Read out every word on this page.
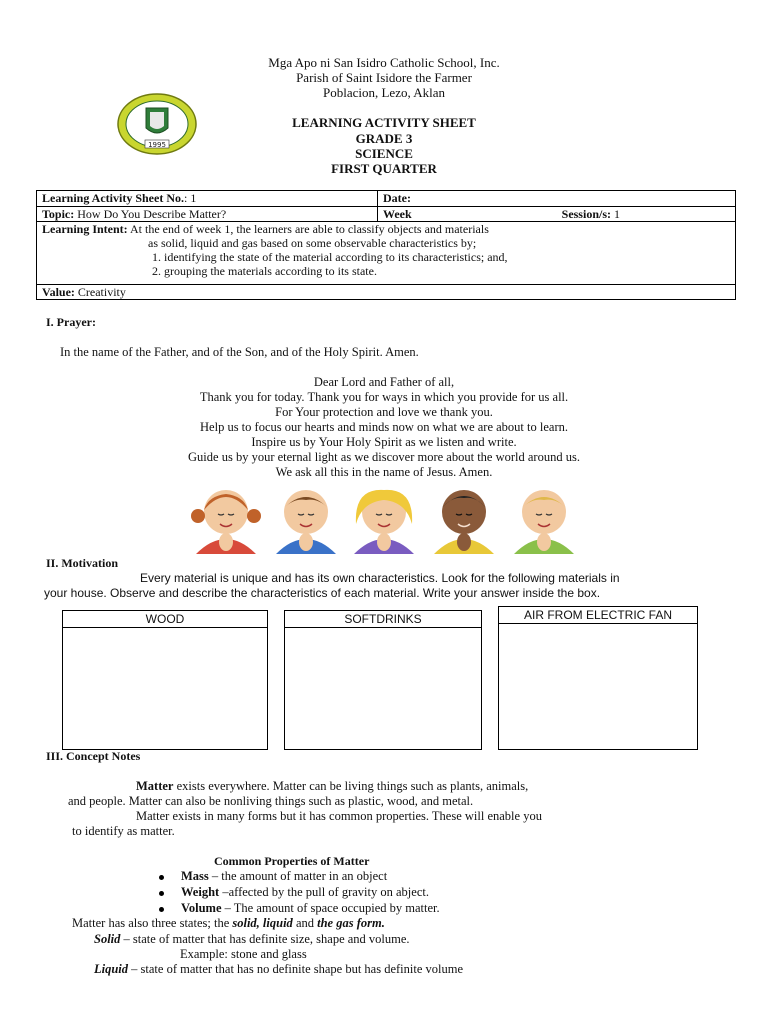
Mga Apo ni San Isidro Catholic School, Inc.
Parish of Saint Isidore the Farmer
Poblacion, Lezo, Aklan
1995
LEARNING ACTIVITY SHEET
GRADE 3
SCIENCE
FIRST QUARTER
Learning Activity Sheet No.: 1	Date:
Topic: How Do You Describe Matter?	Week Session/s: 1

Learning Intent: At the end of week 1, the learners are able to classify objects and materials
as solid, liquid and gas based on some observable characteristics by;
1. identifying the state of the material according to its characteristics; and,
2. grouping the materials according to its state.	

Value: Creativity	
I. Prayer:
In the name of the Father, and of the Son, and of the Holy Spirit. Amen.
Dear Lord and Father of all,
Thank you for today. Thank you for ways in which you provide for us all.
For Your protection and love we thank you.
Help us to focus our hearts and minds now on what we are about to learn.
Inspire us by Your Holy Spirit as we listen and write.
Guide us by your eternal light as we discover more about the world around us.
We ask all this in the name of Jesus. Amen.
II. Motivation
Every material is unique and has its own characteristics. Look for the following materials in
your house. Observe and describe the characteristics of each material. Write your answer inside the box.
WOOD	SOFTDRINKS	AIR FROM ELECTRIC FAN
III. Concept Notes
Matter exists everywhere. Matter can be living things such as plants, animals,
and people. Matter can also be nonliving things such as plastic, wood, and metal.
Matter exists in many forms but it has common properties. These will enable you
to identify as matter.
Common Properties of Matter
Mass – the amount of matter in an object
Weight –affected by the pull of gravity on abject.
Volume – The amount of space occupied by matter.
Matter has also three states; the solid, liquid and the gas form.
Solid – state of matter that has definite size, shape and volume.
Example: stone and glass
Liquid – state of matter that has no definite shape but has definite volume
